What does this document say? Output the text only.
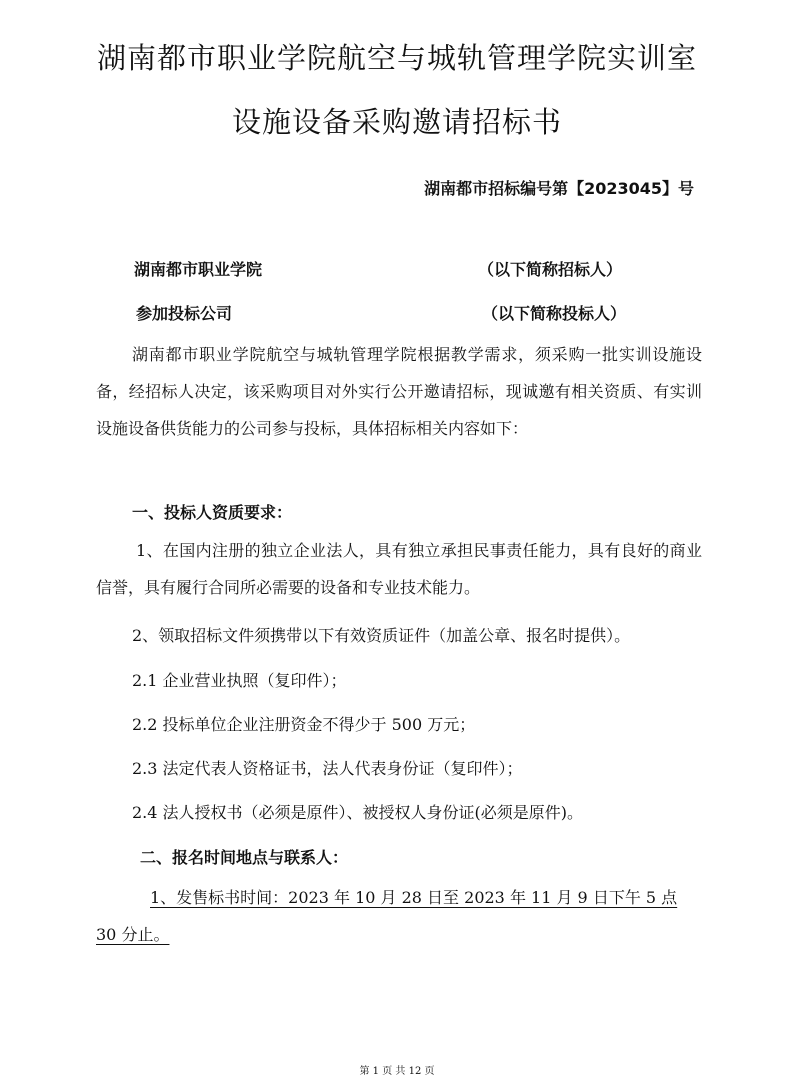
湖南都市职业学院航空与城轨管理学院实训室
设施设备采购邀请招标书
湖南都市招标编号第【2023045】号
湖南都市职业学院	（以下简称招标人）
参加投标公司	（以下简称投标人）
湖南都市职业学院航空与城轨管理学院根据教学需求，须采购一批实训设施设备，经招标人决定，该采购项目对外实行公开邀请招标，现诚邀有相关资质、有实训设施设备供货能力的公司参与投标，具体招标相关内容如下：
一、投标人资质要求：
1、在国内注册的独立企业法人，具有独立承担民事责任能力，具有良好的商业信誉，具有履行合同所必需要的设备和专业技术能力。
2、领取招标文件须携带以下有效资质证件（加盖公章、报名时提供）。
2.1 企业营业执照（复印件）；
2.2 投标单位企业注册资金不得少于 500 万元；
2.3 法定代表人资格证书，法人代表身份证（复印件）；
2.4 法人授权书（必须是原件）、被授权人身份证(必须是原件)。
二、报名时间地点与联系人：
1、发售标书时间：2023 年 10 月 28 日至 2023 年 11 月 9 日下午 5 点 30 分止。
第 1 页 共 12 页
